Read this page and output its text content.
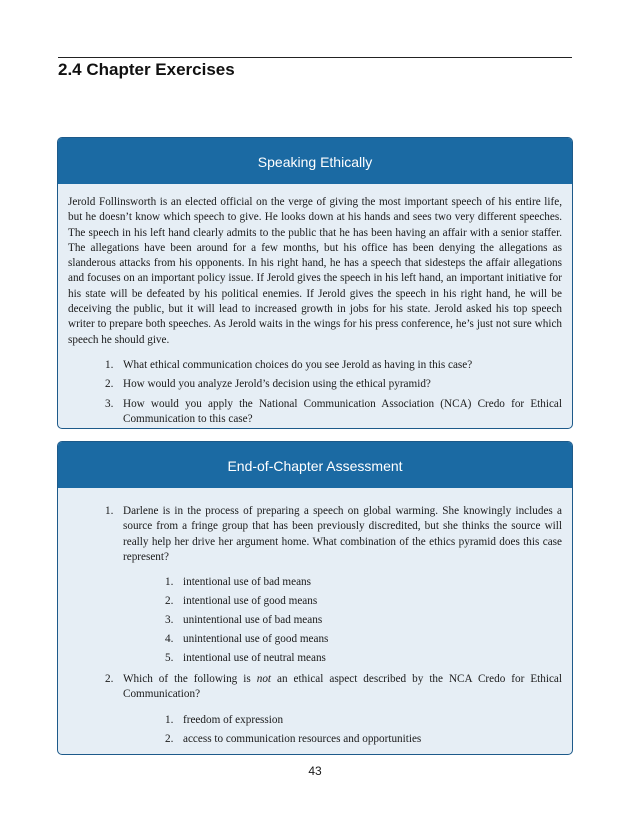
2.4 Chapter Exercises
Speaking Ethically

Jerold Follinsworth is an elected official on the verge of giving the most important speech of his entire life, but he doesn’t know which speech to give. He looks down at his hands and sees two very different speeches. The speech in his left hand clearly admits to the public that he has been having an affair with a senior staffer. The allegations have been around for a few months, but his office has been denying the allegations as slanderous attacks from his opponents. In his right hand, he has a speech that sidesteps the affair allegations and focuses on an important policy issue. If Jerold gives the speech in his left hand, an important initiative for his state will be defeated by his political enemies. If Jerold gives the speech in his right hand, he will be deceiving the public, but it will lead to increased growth in jobs for his state. Jerold asked his top speech writer to prepare both speeches. As Jerold waits in the wings for his press conference, he’s just not sure which speech he should give.

1. What ethical communication choices do you see Jerold as having in this case?
2. How would you analyze Jerold’s decision using the ethical pyramid?
3. How would you apply the National Communication Association (NCA) Credo for Ethical Communication to this case?
End-of-Chapter Assessment
1. Darlene is in the process of preparing a speech on global warming. She knowingly includes a source from a fringe group that has been previously discredited, but she thinks the source will really help her drive her argument home. What combination of the ethics pyramid does this case represent?
1. intentional use of bad means
2. intentional use of good means
3. unintentional use of bad means
4. unintentional use of good means
5. intentional use of neutral means
2. Which of the following is not an ethical aspect described by the NCA Credo for Ethical Communication?
1. freedom of expression
2. access to communication resources and opportunities
43
